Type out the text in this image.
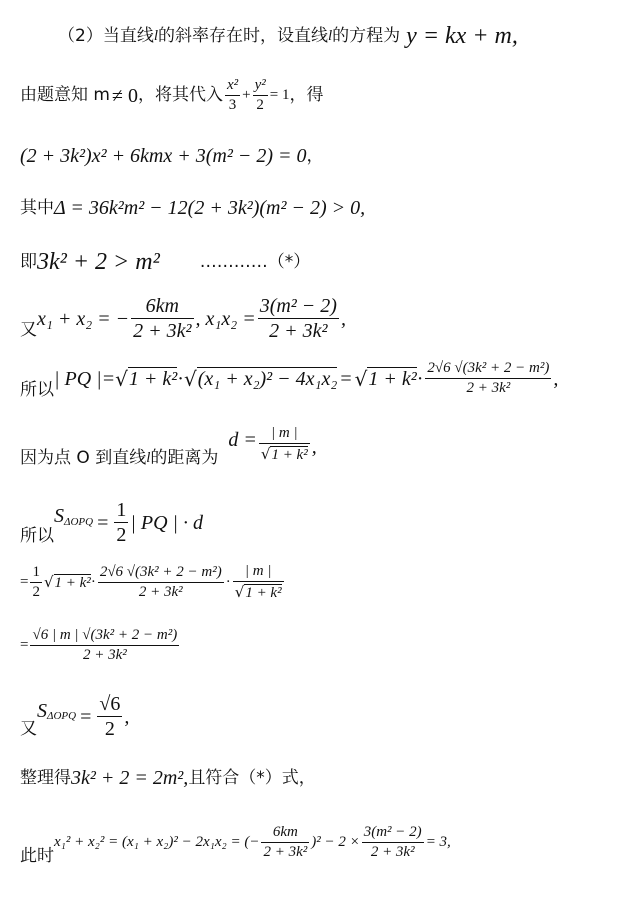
（2）当直线 l 的斜率存在时，设直线 l 的方程为 y = kx + m,
由题意知 m ≠ 0 ，将其代入 $\frac{\text{x²}}{3} + \frac{\text{y²}}{2} = 1$ ，得
(2 + 3k²)x² + 6kmx + 3(m² − 2) = 0 ，
其中 Δ = 36k²m² − 12(2 + 3k²)(m² − 2) > 0,
即 3k² + 2 > m² …………（*）
又
x₁ + x₂ = − $\frac{6km}{\text{2 + 3k²}}$ , $x_1x_2 = \frac{\text{3(m² − 2)}}{\text{2 + 3k²}}$ ,
所以
| PQ |= √ 1 + k² · √ (x₁ + x₂)² − 4x₁x₂ = √ $1 + k^2 \cdot \frac{\text{2√6 √(3k² + 2 − m²)}}{\text{2 + 3k²}}$ ,
因为点 O 到直线 l 的距离为
$d = \frac{| m |}{\text{√1 + k²}}$ ,
所以
S $\Delta OPQ = \frac{1}{2}$ | PQ | · d
= $\frac{1}{2}$ √ $1 + k^2 \cdot \frac{\text{2√6 √(3k² + 2 − m²)}}{\text{2 + 3k²}} \cdot \frac{| m |}{\text{√1 + k²}}$
= $\frac{\text{√6 | m | √(3k² + 2 − m²)}}{\text{2 + 3k²}}$
又
S $\Delta OPQ = \frac{√6}{2}$ ,
整理得 3k² + 2 = 2m², 且符合（*）式，
此时
x₁² + x₂² = (x₁ + x₂)² − 2x₁x₂ = (− $\frac{6km}{\text{2 + 3k²}} )^2 - 2 \times \frac{\text{3(m² − 2)}}{\text{2 + 3k²}} = 3$,
